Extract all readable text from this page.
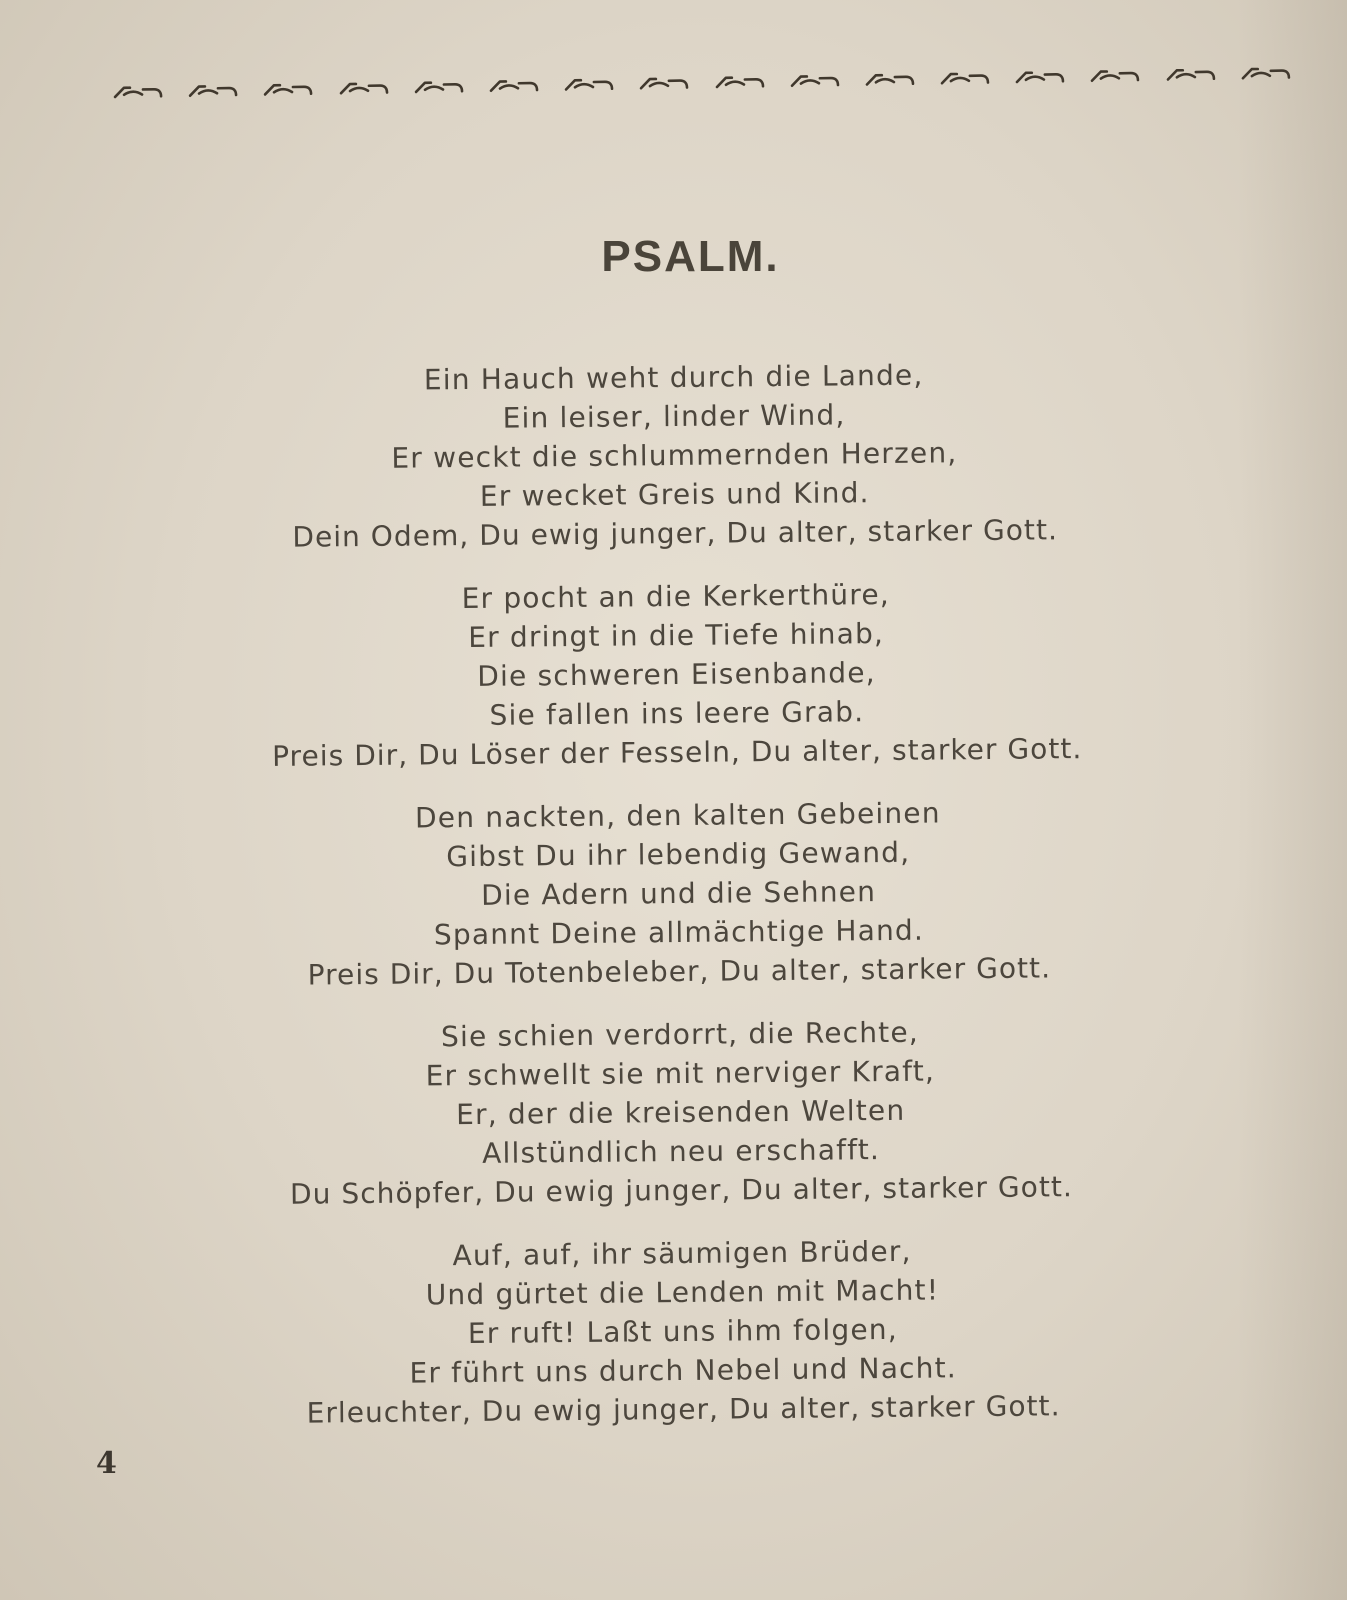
PSALM.
Ein Hauch weht durch die Lande,
Ein leiser, linder Wind,
Er weckt die schlummernden Herzen,
Er wecket Greis und Kind.
Dein Odem, Du ewig junger, Du alter, starker Gott.
Er pocht an die Kerkerthüre,
Er dringt in die Tiefe hinab,
Die schweren Eisenbande,
Sie fallen ins leere Grab.
Preis Dir, Du Löser der Fesseln, Du alter, starker Gott.
Den nackten, den kalten Gebeinen
Gibst Du ihr lebendig Gewand,
Die Adern und die Sehnen
Spannt Deine allmächtige Hand.
Preis Dir, Du Totenbeleber, Du alter, starker Gott.
Sie schien verdorrt, die Rechte,
Er schwellt sie mit nerviger Kraft,
Er, der die kreisenden Welten
Allstündlich neu erschafft.
Du Schöpfer, Du ewig junger, Du alter, starker Gott.
Auf, auf, ihr säumigen Brüder,
Und gürtet die Lenden mit Macht!
Er ruft! Laßt uns ihm folgen,
Er führt uns durch Nebel und Nacht.
Erleuchter, Du ewig junger, Du alter, starker Gott.
4
